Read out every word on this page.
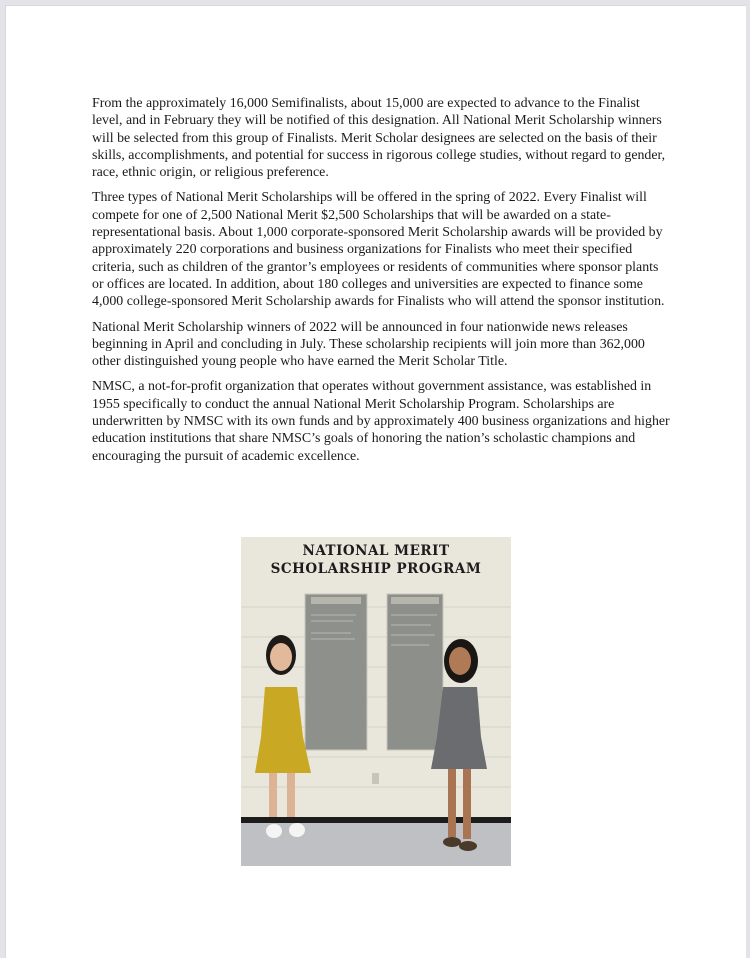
From the approximately 16,000 Semifinalists, about 15,000 are expected to advance to the Finalist level, and in February they will be notified of this designation. All National Merit Scholarship winners will be selected from this group of Finalists. Merit Scholar designees are selected on the basis of their skills, accomplishments, and potential for success in rigorous college studies, without regard to gender, race, ethnic origin, or religious preference.

Three types of National Merit Scholarships will be offered in the spring of 2022. Every Finalist will compete for one of 2,500 National Merit $2,500 Scholarships that will be awarded on a state-representational basis. About 1,000 corporate-sponsored Merit Scholarship awards will be provided by approximately 220 corporations and business organizations for Finalists who meet their specified criteria, such as children of the grantor’s employees or residents of communities where sponsor plants or offices are located. In addition, about 180 colleges and universities are expected to finance some 4,000 college-sponsored Merit Scholarship awards for Finalists who will attend the sponsor institution.

National Merit Scholarship winners of 2022 will be announced in four nationwide news releases beginning in April and concluding in July. These scholarship recipients will join more than 362,000 other distinguished young people who have earned the Merit Scholar Title.

NMSC, a not-for-profit organization that operates without government assistance, was established in 1955 specifically to conduct the annual National Merit Scholarship Program. Scholarships are underwritten by NMSC with its own funds and by approximately 400 business organizations and higher education institutions that share NMSC’s goals of honoring the nation’s scholastic champions and encouraging the pursuit of academic excellence.

NATIONAL MERIT
SCHOLARSHIP PROGRAM
